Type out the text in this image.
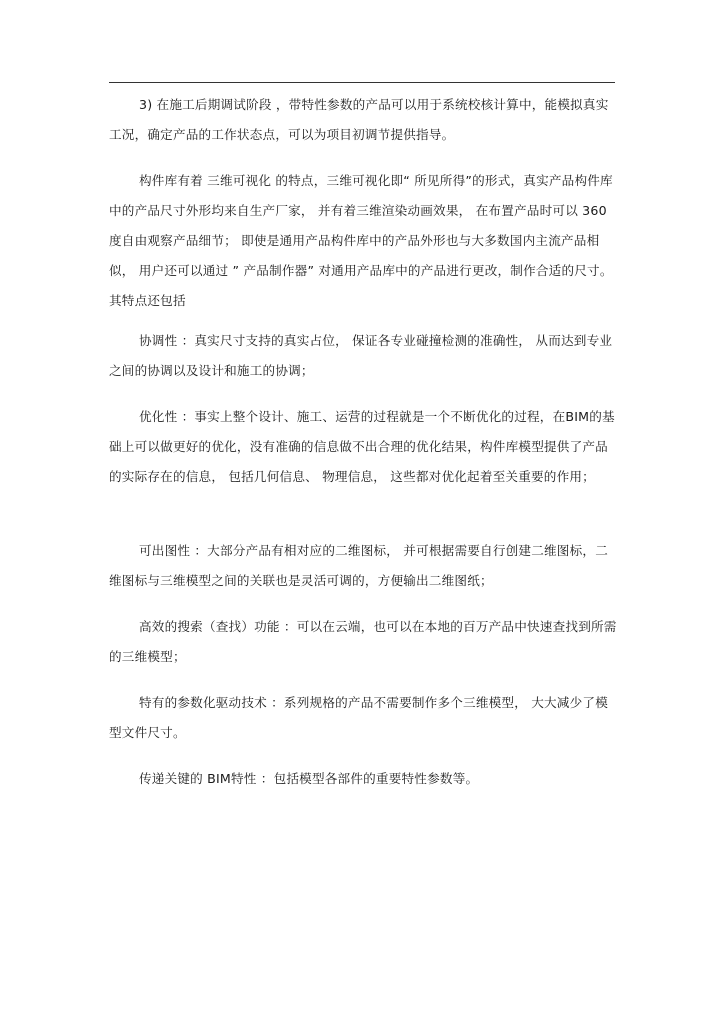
3) 在施工后期调试阶段 ，带特性参数的产品可以用于系统校核计算中，能模拟真实工况，确定产品的工作状态点，可以为项目初调节提供指导。

构件库有着 三维可视化 的特点，三维可视化即“ 所见所得”的形式，真实产品构件库中的产品尺寸外形均来自生产厂家， 并有着三维渲染动画效果， 在布置产品时可以 360 度自由观察产品细节； 即使是通用产品构件库中的产品外形也与大多数国内主流产品相似， 用户还可以通过 ” 产品制作器” 对通用产品库中的产品进行更改，制作合适的尺寸。其特点还包括

协调性 ：真实尺寸支持的真实占位， 保证各专业碰撞检测的准确性， 从而达到专业之间的协调以及设计和施工的协调；

优化性 ：事实上整个设计、施工、运营的过程就是一个不断优化的过程，在BIM的基础上可以做更好的优化，没有准确的信息做不出合理的优化结果，构件库模型提供了产品的实际存在的信息， 包括几何信息、 物理信息， 这些都对优化起着至关重要的作用；

可出图性 ：大部分产品有相对应的二维图标， 并可根据需要自行创建二维图标，二维图标与三维模型之间的关联也是灵活可调的，方便输出二维图纸；

高效的搜索（查找）功能 ：可以在云端，也可以在本地的百万产品中快速查找到所需的三维模型；

特有的参数化驱动技术 ：系列规格的产品不需要制作多个三维模型， 大大减少了模型文件尺寸。

传递关键的 BIM特性 ：包括模型各部件的重要特性参数等。
